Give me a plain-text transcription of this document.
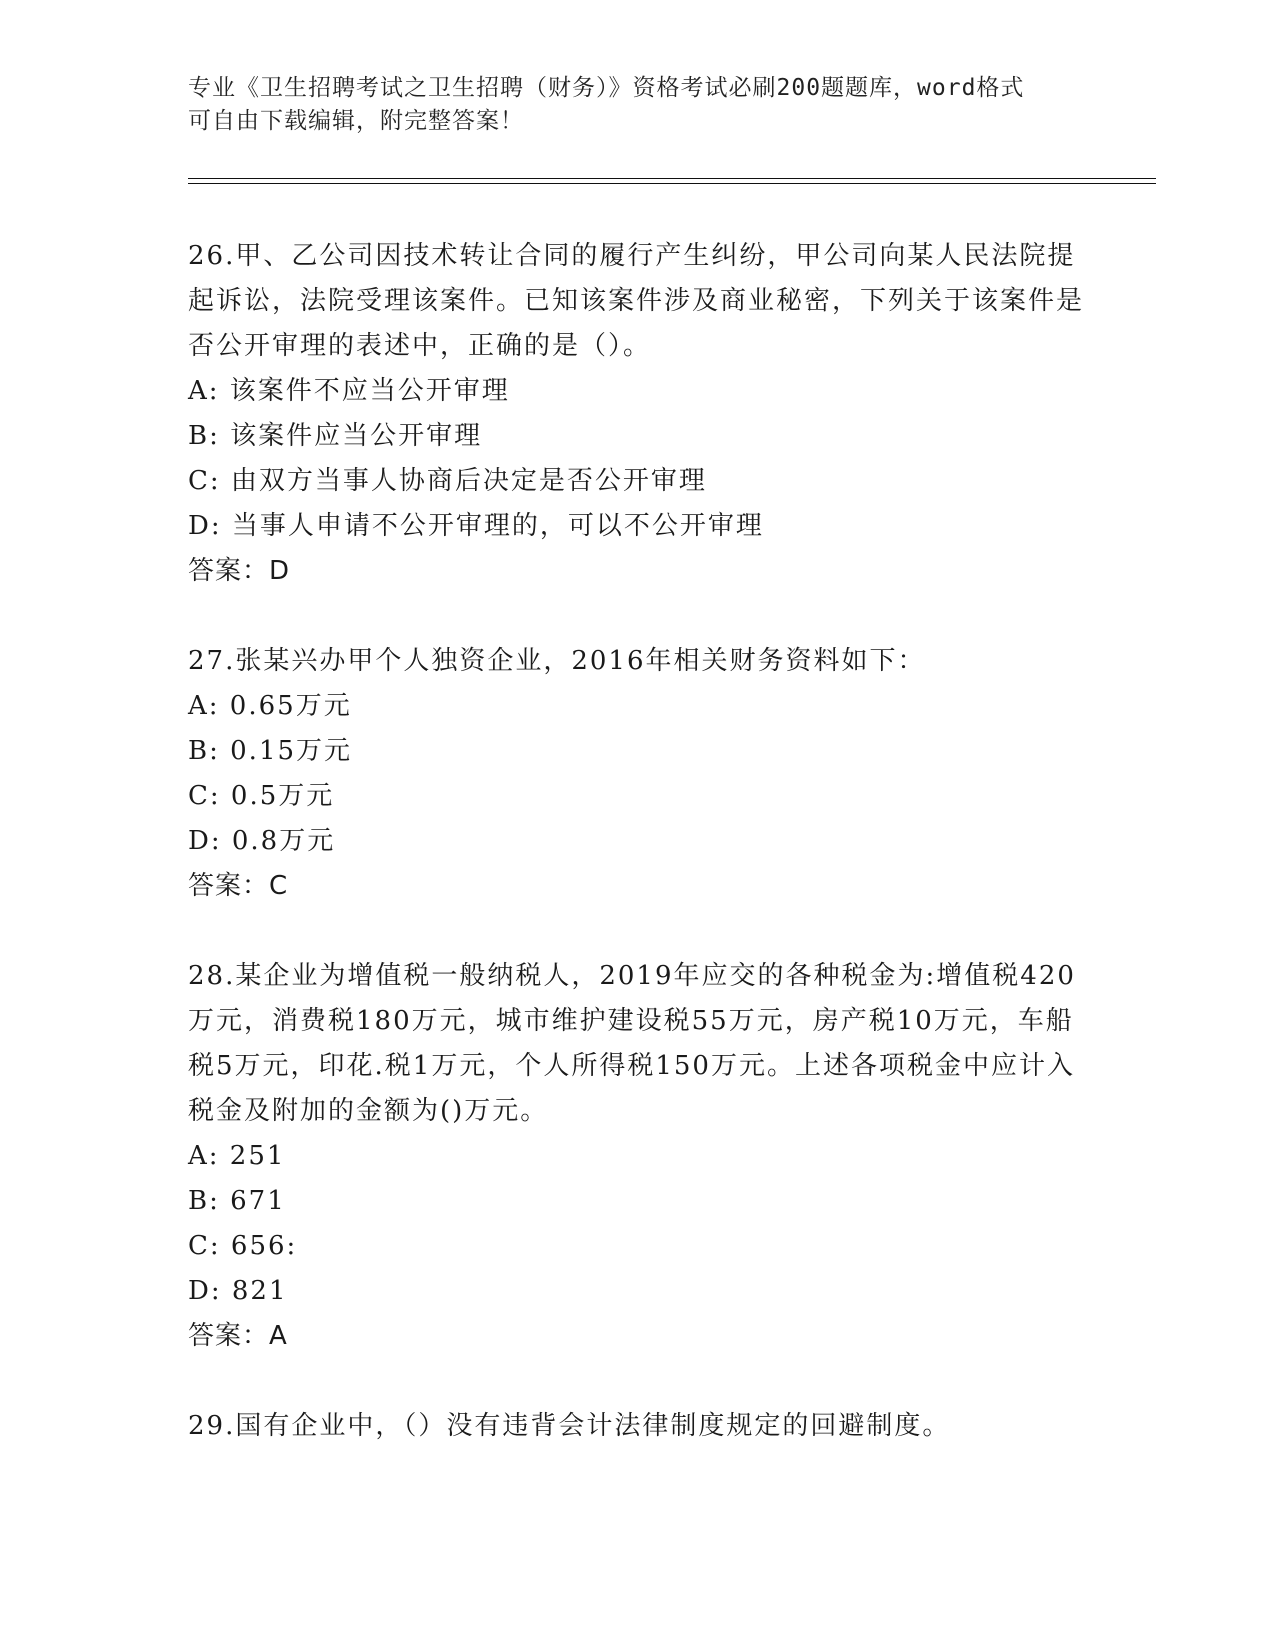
专业《卫生招聘考试之卫生招聘（财务）》资格考试必刷200题题库，word格式
可自由下载编辑，附完整答案！
26.甲、乙公司因技术转让合同的履行产生纠纷，甲公司向某人民法院提起诉讼，法院受理该案件。已知该案件涉及商业秘密，下列关于该案件是否公开审理的表述中，正确的是（）。
A: 该案件不应当公开审理
B: 该案件应当公开审理
C: 由双方当事人协商后决定是否公开审理
D: 当事人申请不公开审理的，可以不公开审理
答案：D
27.张某兴办甲个人独资企业，2016年相关财务资料如下：
A: 0.65万元
B: 0.15万元
C: 0.5万元
D: 0.8万元
答案：C
28.某企业为增值税一般纳税人，2019年应交的各种税金为:增值税420万元，消费税180万元，城市维护建设税55万元，房产税10万元，车船税5万元，印花.税1万元，个人所得税150万元。上述各项税金中应计入税金及附加的金额为()万元。
A: 251
B: 671
C: 656:
D: 821
答案：A
29.国有企业中，（）没有违背会计法律制度规定的回避制度。
